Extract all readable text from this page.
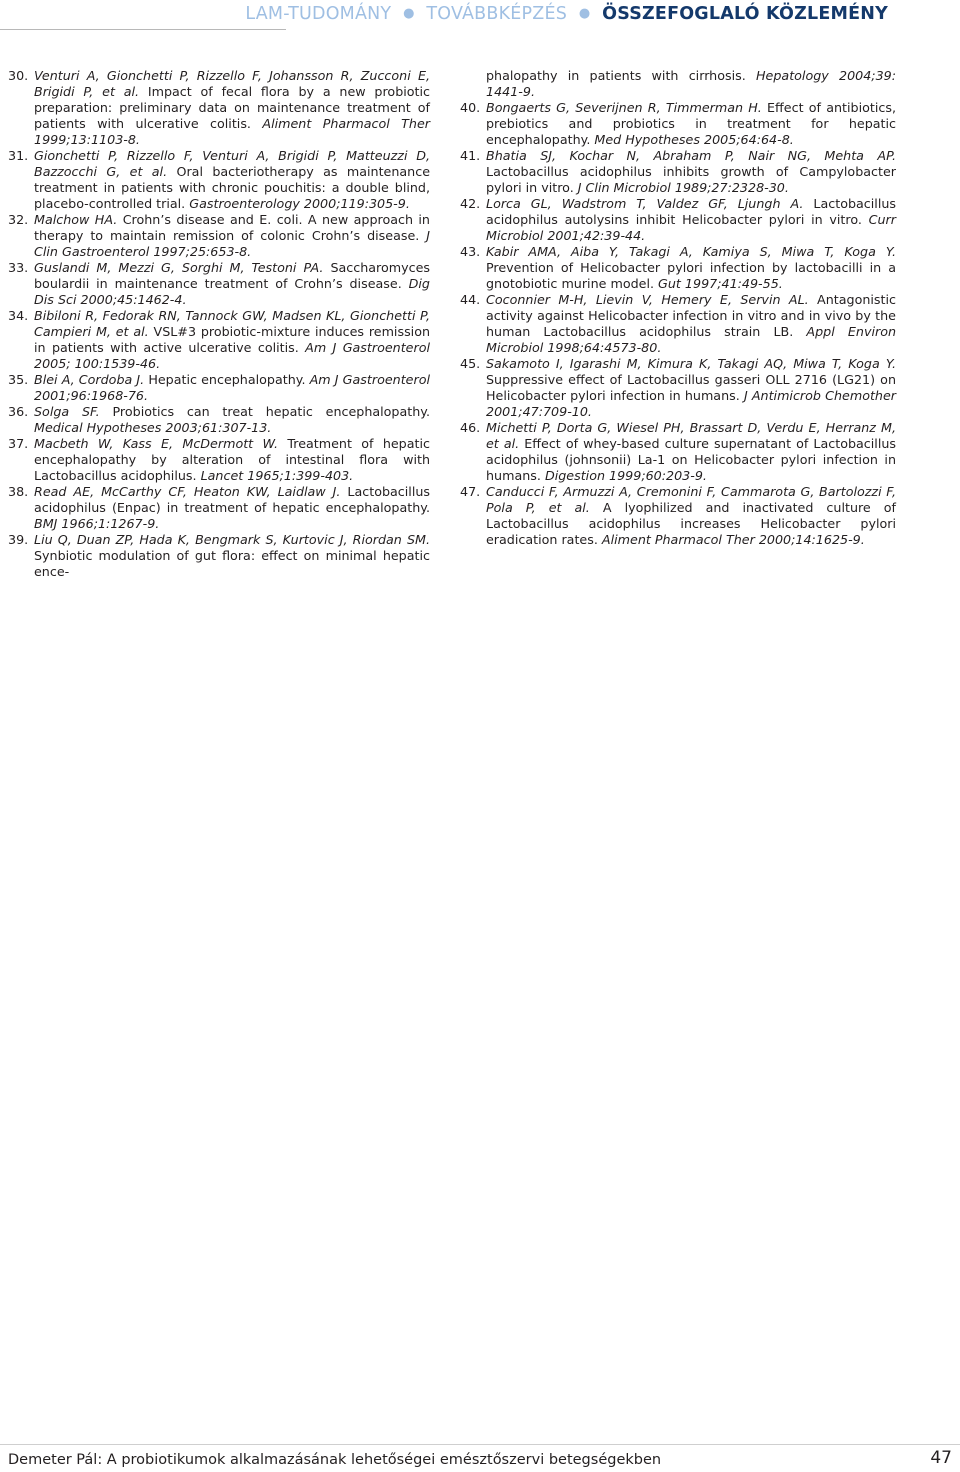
LAM-TUDOMÁNY ● TOVÁBBKÉPZÉS ● ÖSSZEFOGLALÓ KÖZLEMÉNY
30. Venturi A, Gionchetti P, Rizzello F, Johansson R, Zucconi E, Brigidi P, et al. Impact of fecal flora by a new probiotic preparation: preliminary data on maintenance treatment of patients with ulcerative colitis. Aliment Pharmacol Ther 1999;13:1103-8.
31. Gionchetti P, Rizzello F, Venturi A, Brigidi P, Matteuzzi D, Bazzocchi G, et al. Oral bacteriotherapy as maintenance treatment in patients with chronic pouchitis: a double blind, placebo-controlled trial. Gastroenterology 2000;119:305-9.
32. Malchow HA. Crohn’s disease and E. coli. A new approach in therapy to maintain remission of colonic Crohn’s disease. J Clin Gastroenterol 1997;25:653-8.
33. Guslandi M, Mezzi G, Sorghi M, Testoni PA. Saccharomyces boulardii in maintenance treatment of Crohn’s disease. Dig Dis Sci 2000;45:1462-4.
34. Bibiloni R, Fedorak RN, Tannock GW, Madsen KL, Gionchetti P, Campieri M, et al. VSL#3 probiotic-mixture induces remission in patients with active ulcerative colitis. Am J Gastroenterol 2005; 100:1539-46.
35. Blei A, Cordoba J. Hepatic encephalopathy. Am J Gastroenterol 2001;96:1968-76.
36. Solga SF. Probiotics can treat hepatic encephalopathy. Medical Hypotheses 2003;61:307-13.
37. Macbeth W, Kass E, McDermott W. Treatment of hepatic encephalopathy by alteration of intestinal flora with Lactobacillus acidophilus. Lancet 1965;1:399-403.
38. Read AE, McCarthy CF, Heaton KW, Laidlaw J. Lactobacillus acidophilus (Enpac) in treatment of hepatic encephalopathy. BMJ 1966;1:1267-9.
39. Liu Q, Duan ZP, Hada K, Bengmark S, Kurtovic J, Riordan SM. Synbiotic modulation of gut flora: effect on minimal hepatic ence-
phalopathy in patients with cirrhosis. Hepatology 2004;39: 1441-9.
40. Bongaerts G, Severijnen R, Timmerman H. Effect of antibiotics, prebiotics and probiotics in treatment for hepatic encephalopathy. Med Hypotheses 2005;64:64-8.
41. Bhatia SJ, Kochar N, Abraham P, Nair NG, Mehta AP. Lactobacillus acidophilus inhibits growth of Campylobacter pylori in vitro. J Clin Microbiol 1989;27:2328-30.
42. Lorca GL, Wadstrom T, Valdez GF, Ljungh A. Lactobacillus acidophilus autolysins inhibit Helicobacter pylori in vitro. Curr Microbiol 2001;42:39-44.
43. Kabir AMA, Aiba Y, Takagi A, Kamiya S, Miwa T, Koga Y. Prevention of Helicobacter pylori infection by lactobacilli in a gnotobiotic murine model. Gut 1997;41:49-55.
44. Coconnier M-H, Lievin V, Hemery E, Servin AL. Antagonistic activity against Helicobacter infection in vitro and in vivo by the human Lactobacillus acidophilus strain LB. Appl Environ Microbiol 1998;64:4573-80.
45. Sakamoto I, Igarashi M, Kimura K, Takagi AQ, Miwa T, Koga Y. Suppressive effect of Lactobacillus gasseri OLL 2716 (LG21) on Helicobacter pylori infection in humans. J Antimicrob Chemother 2001;47:709-10.
46. Michetti P, Dorta G, Wiesel PH, Brassart D, Verdu E, Herranz M, et al. Effect of whey-based culture supernatant of Lactobacillus acidophilus (johnsonii) La-1 on Helicobacter pylori infection in humans. Digestion 1999;60:203-9.
47. Canducci F, Armuzzi A, Cremonini F, Cammarota G, Bartolozzi F, Pola P, et al. A lyophilized and inactivated culture of Lactobacillus acidophilus increases Helicobacter pylori eradication rates. Aliment Pharmacol Ther 2000;14:1625-9.
Demeter Pál: A probiotikumok alkalmazásának lehetőségei emésztőszervi betegségekben	47
